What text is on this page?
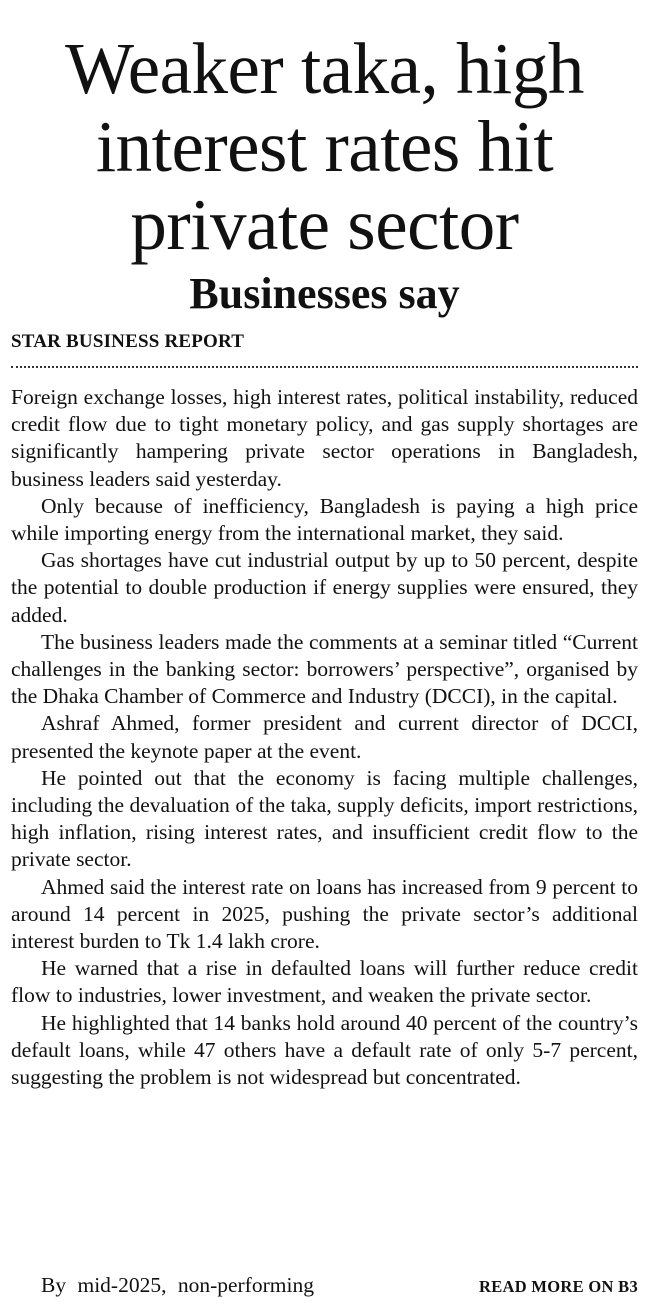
Weaker taka, high
interest rates hit
private sector
Businesses say
STAR BUSINESS REPORT

Foreign exchange losses, high interest rates, political instability, reduced credit flow due to tight monetary policy, and gas supply shortages are significantly hampering private sector operations in Bangladesh, business leaders said yesterday.

Only because of inefficiency, Bangladesh is paying a high price while importing energy from the international market, they said.

Gas shortages have cut industrial output by up to 50 percent, despite the potential to double production if energy supplies were ensured, they added.

The business leaders made the comments at a seminar titled “Current challenges in the banking sector: borrowers’ perspective”, organised by the Dhaka Chamber of Commerce and Industry (DCCI), in the capital.

Ashraf Ahmed, former president and current director of DCCI, presented the keynote paper at the event.

He pointed out that the economy is facing multiple challenges, including the devaluation of the taka, supply deficits, import restrictions, high inflation, rising interest rates, and insufficient credit flow to the private sector.

Ahmed said the interest rate on loans has increased from 9 percent to around 14 percent in 2025, pushing the private sector’s additional interest burden to Tk 1.4 lakh crore.

He warned that a rise in defaulted loans will further reduce credit flow to industries, lower investment, and weaken the private sector.

He highlighted that 14 banks hold around 40 percent of the country’s default loans, while 47 others have a default rate of only 5-7 percent, suggesting the problem is not widespread but concentrated.

By mid-2025, non-performing	READ MORE ON B3
